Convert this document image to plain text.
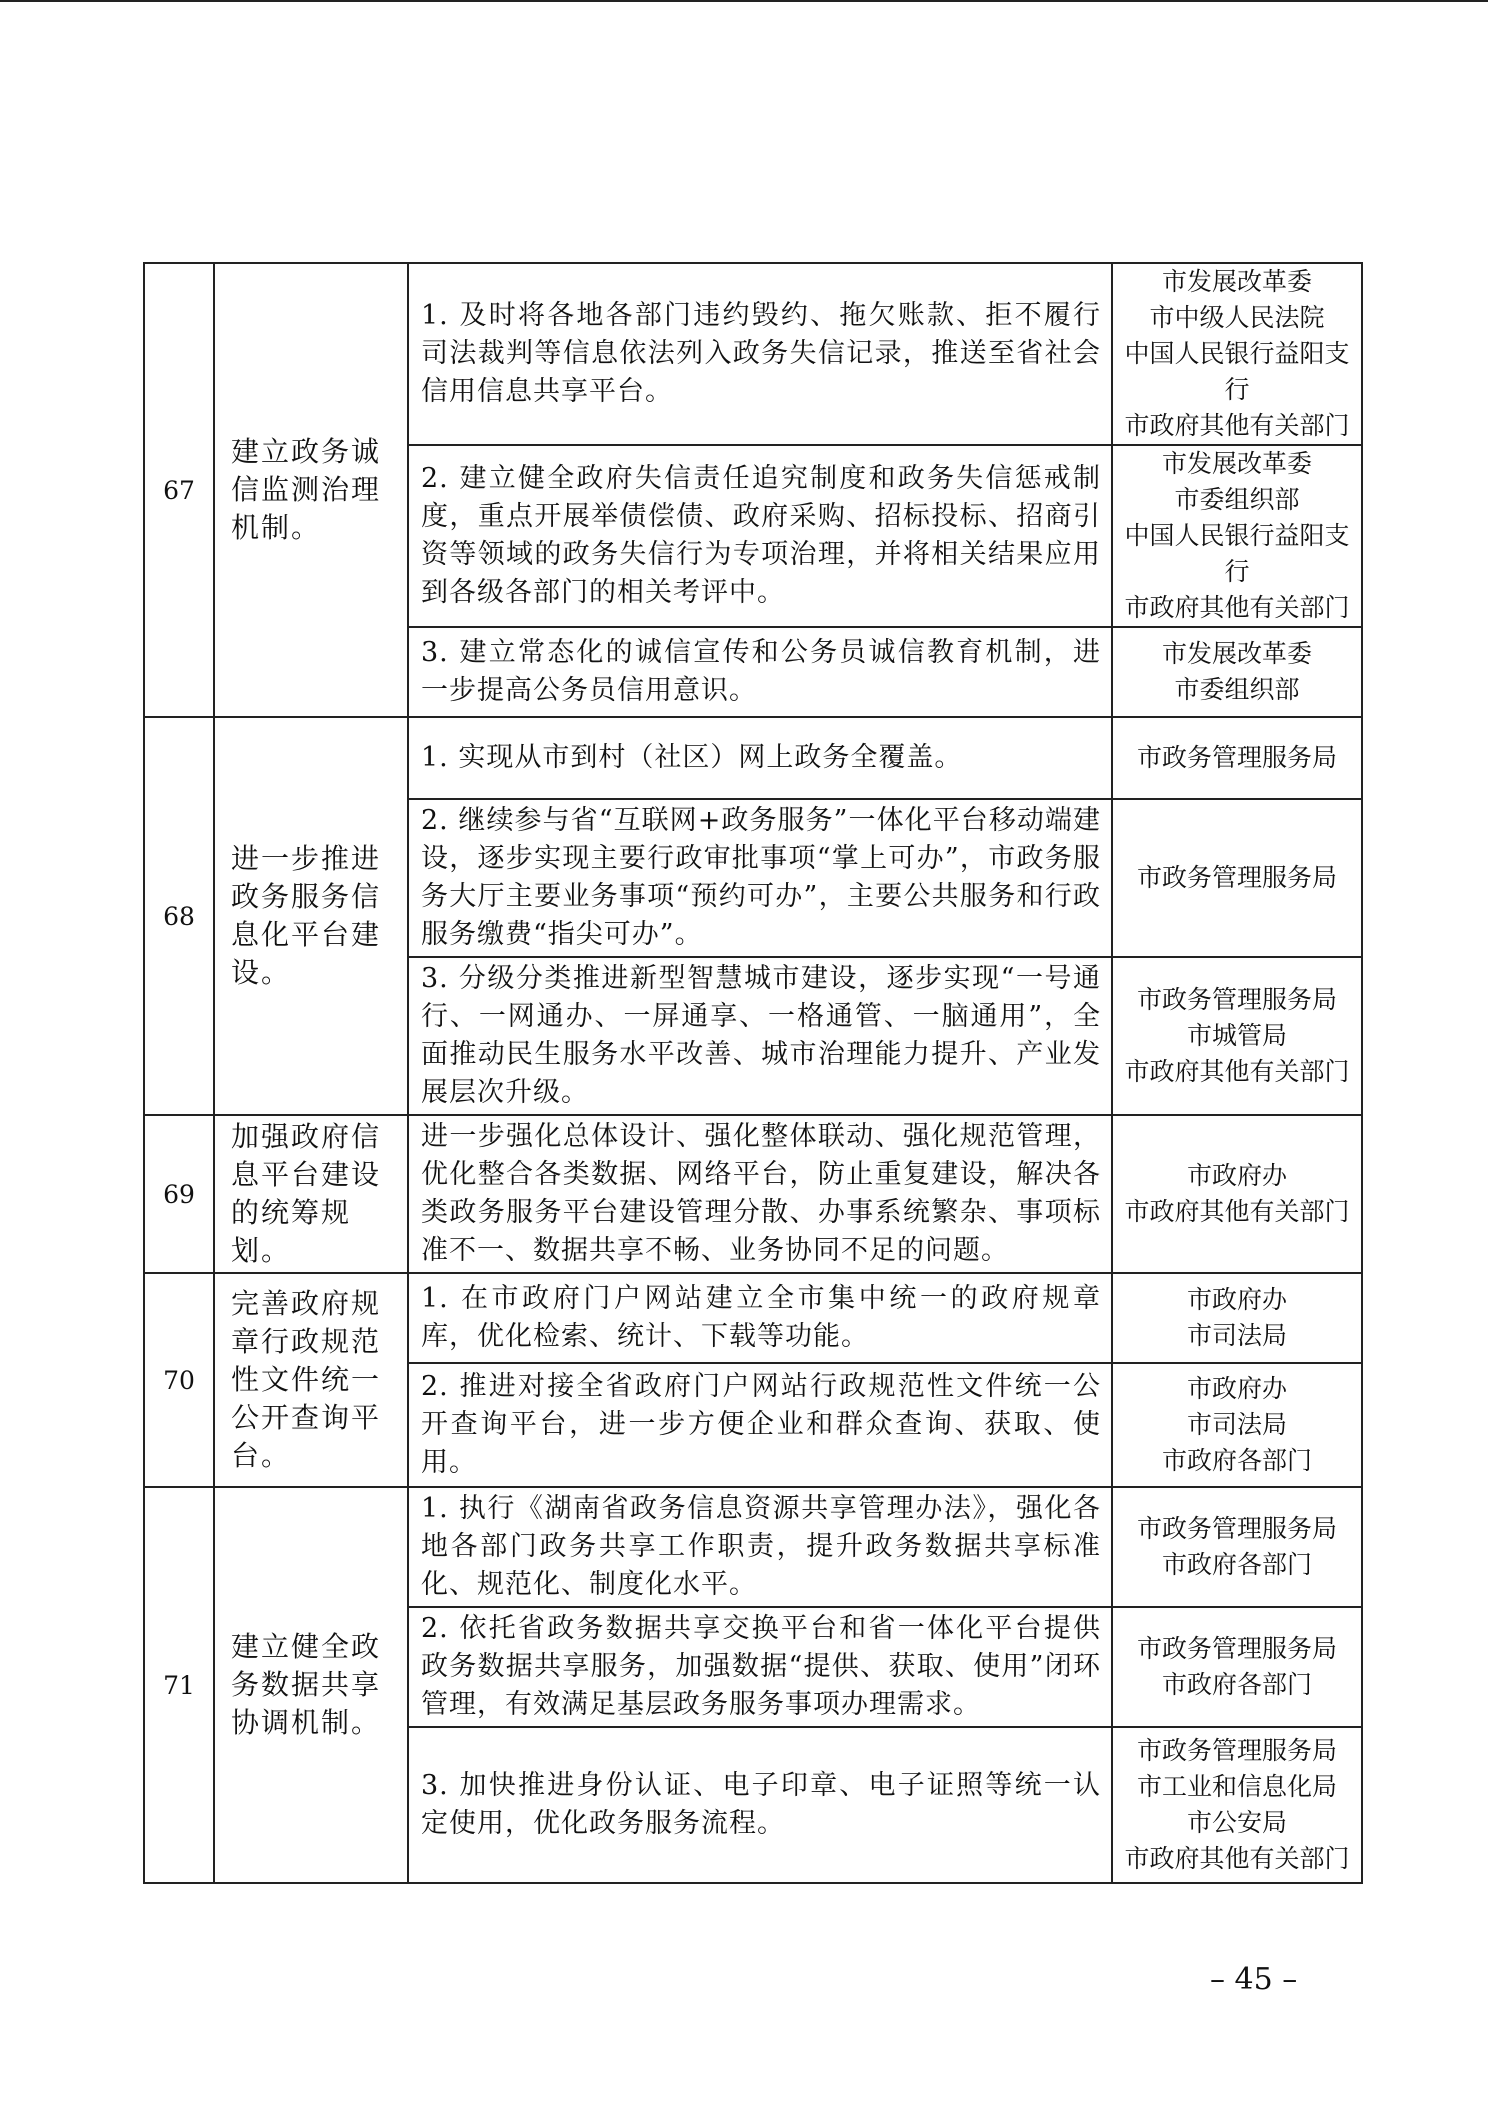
67	建立政务诚信监测治理机制。	1. 及时将各地各部门违约毁约、拖欠账款、拒不履行司法裁判等信息依法列入政务失信记录，推送至省社会信用信息共享平台。	市发展改革委
市中级人民法院
中国人民银行益阳支行
市政府其他有关部门

		2. 建立健全政府失信责任追究制度和政务失信惩戒制度，重点开展举债偿债、政府采购、招标投标、招商引资等领域的政务失信行为专项治理，并将相关结果应用到各级各部门的相关考评中。	市发展改革委
市委组织部
中国人民银行益阳支行
市政府其他有关部门

		3. 建立常态化的诚信宣传和公务员诚信教育机制，进一步提高公务员信用意识。	市发展改革委
市委组织部

68	进一步推进政务服务信息化平台建设。	1. 实现从市到村（社区）网上政务全覆盖。	市政务管理服务局

		2. 继续参与省“互联网+政务服务”一体化平台移动端建设，逐步实现主要行政审批事项“掌上可办”，市政务服务大厅主要业务事项“预约可办”，主要公共服务和行政服务缴费“指尖可办”。	市政务管理服务局

		3. 分级分类推进新型智慧城市建设，逐步实现“一号通行、一网通办、一屏通享、一格通管、一脑通用”，全面推动民生服务水平改善、城市治理能力提升、产业发展层次升级。	市政务管理服务局
市城管局
市政府其他有关部门

69	加强政府信息平台建设的统筹规划。	进一步强化总体设计、强化整体联动、强化规范管理，优化整合各类数据、网络平台，防止重复建设，解决各类政务服务平台建设管理分散、办事系统繁杂、事项标准不一、数据共享不畅、业务协同不足的问题。	市政府办
市政府其他有关部门

70	完善政府规章行政规范性文件统一公开查询平台。	1. 在市政府门户网站建立全市集中统一的政府规章库，优化检索、统计、下载等功能。	市政府办
市司法局

		2. 推进对接全省政府门户网站行政规范性文件统一公开查询平台，进一步方便企业和群众查询、获取、使用。	市政府办
市司法局
市政府各部门

71	建立健全政务数据共享协调机制。	1. 执行《湖南省政务信息资源共享管理办法》，强化各地各部门政务共享工作职责，提升政务数据共享标准化、规范化、制度化水平。	市政务管理服务局
市政府各部门

		2. 依托省政务数据共享交换平台和省一体化平台提供政务数据共享服务，加强数据“提供、获取、使用”闭环管理，有效满足基层政务服务事项办理需求。	市政务管理服务局
市政府各部门

		3. 加快推进身份认证、电子印章、电子证照等统一认定使用，优化政务服务流程。	市政务管理服务局
市工业和信息化局
市公安局
市政府其他有关部门
– 45 –
